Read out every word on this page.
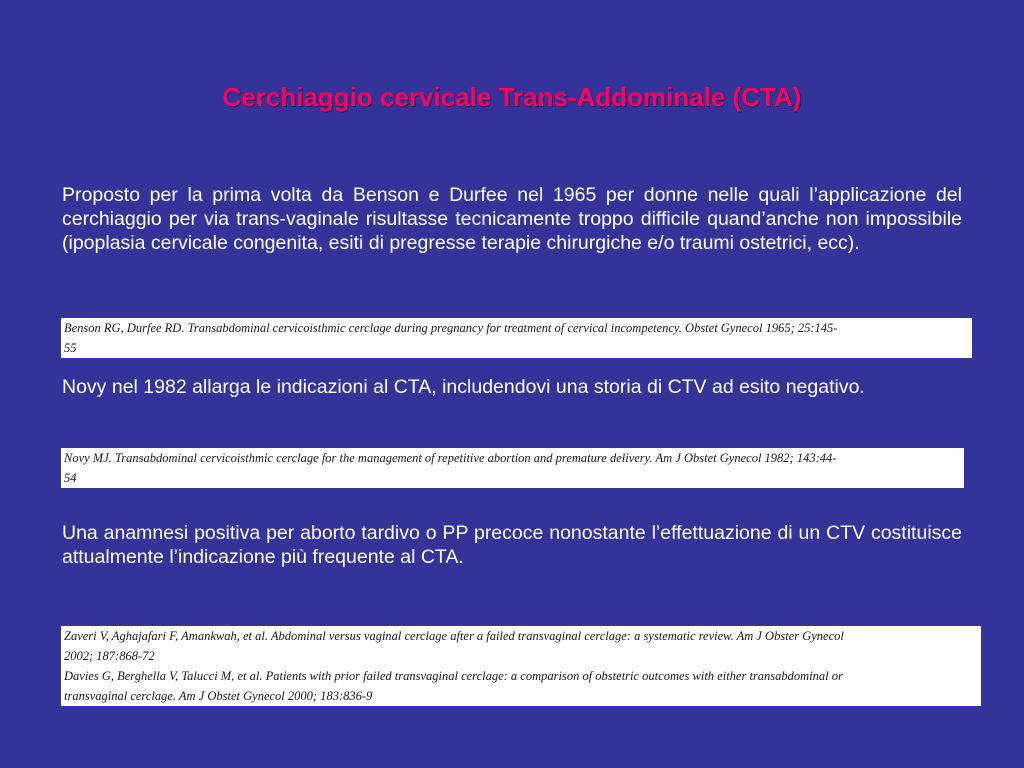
Cerchiaggio cervicale Trans-Addominale (CTA)

Proposto per la prima volta da Benson e Durfee nel 1965 per donne nelle quali l’applicazione del cerchiaggio per via trans-vaginale risultasse tecnicamente troppo difficile quand’anche non impossibile (ipoplasia cervicale congenita, esiti di pregresse terapie chirurgiche e/o traumi ostetrici, ecc).

Benson RG, Durfee RD. Transabdominal cervicoisthmic cerclage during pregnancy for treatment of cervical incompetency. Obstet Gynecol 1965; 25:145-
55

Novy nel 1982 allarga le indicazioni al CTA, includendovi una storia di CTV ad esito negativo.

Novy MJ. Transabdominal cervicoisthmic cerclage for the management of repetitive abortion and premature delivery. Am J Obstet Gynecol 1982; 143:44-
54

Una anamnesi positiva per aborto tardivo o PP precoce nonostante l’effettuazione di un CTV costituisce attualmente l’indicazione più frequente al CTA.

Zaveri V, Aghajafari F, Amankwah, et al. Abdominal versus vaginal cerclage after a failed transvaginal cerclage: a systematic review. Am J Obster Gynecol
2002; 187:868-72
Davies G, Berghella V, Talucci M, et al. Patients with prior failed transvaginal cerclage: a comparison of obstetric outcomes with either transabdominal or
transvaginal cerclage. Am J Obstet Gynecol 2000; 183:836-9
